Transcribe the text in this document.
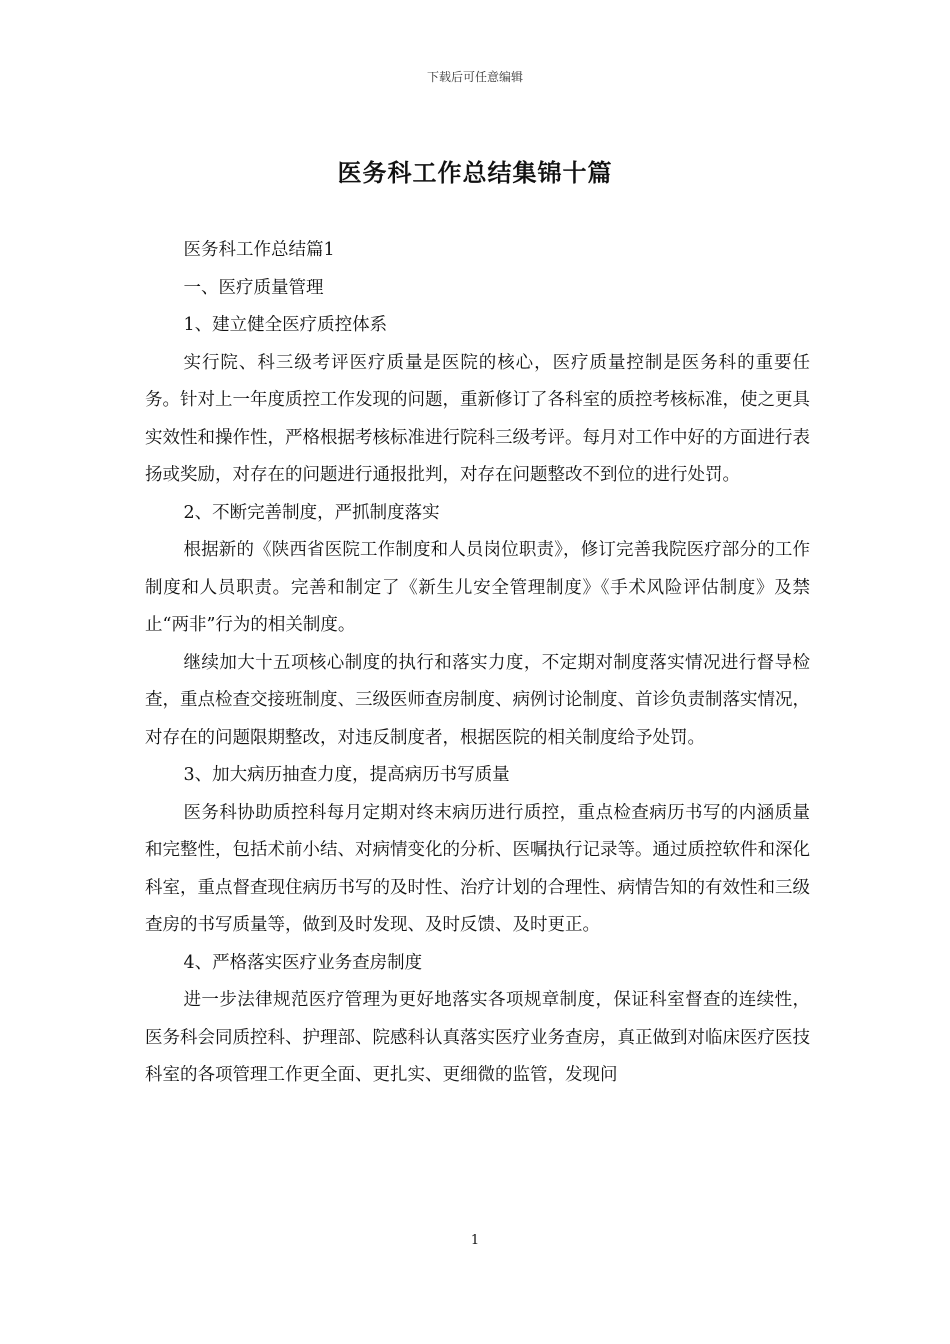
下载后可任意编辑
医务科工作总结集锦十篇

医务科工作总结篇1

一、医疗质量管理

1、建立健全医疗质控体系

实行院、科三级考评医疗质量是医院的核心，医疗质量控制是医务科的重要任务。针对上一年度质控工作发现的问题，重新修订了各科室的质控考核标准，使之更具实效性和操作性，严格根据考核标准进行院科三级考评。每月对工作中好的方面进行表扬或奖励，对存在的问题进行通报批判，对存在问题整改不到位的进行处罚。

2、不断完善制度，严抓制度落实

根据新的《陕西省医院工作制度和人员岗位职责》，修订完善我院医疗部分的工作制度和人员职责。完善和制定了《新生儿安全管理制度》《手术风险评估制度》及禁止“两非”行为的相关制度。

继续加大十五项核心制度的执行和落实力度，不定期对制度落实情况进行督导检查，重点检查交接班制度、三级医师查房制度、病例讨论制度、首诊负责制落实情况，对存在的问题限期整改，对违反制度者，根据医院的相关制度给予处罚。

3、加大病历抽查力度，提高病历书写质量

医务科协助质控科每月定期对终末病历进行质控，重点检查病历书写的内涵质量和完整性，包括术前小结、对病情变化的分析、医嘱执行记录等。通过质控软件和深化科室，重点督查现住病历书写的及时性、治疗计划的合理性、病情告知的有效性和三级查房的书写质量等，做到及时发现、及时反馈、及时更正。

4、严格落实医疗业务查房制度

进一步法律规范医疗管理为更好地落实各项规章制度，保证科室督查的连续性，医务科会同质控科、护理部、院感科认真落实医疗业务查房，真正做到对临床医疗医技科室的各项管理工作更全面、更扎实、更细微的监管，发现问

1
